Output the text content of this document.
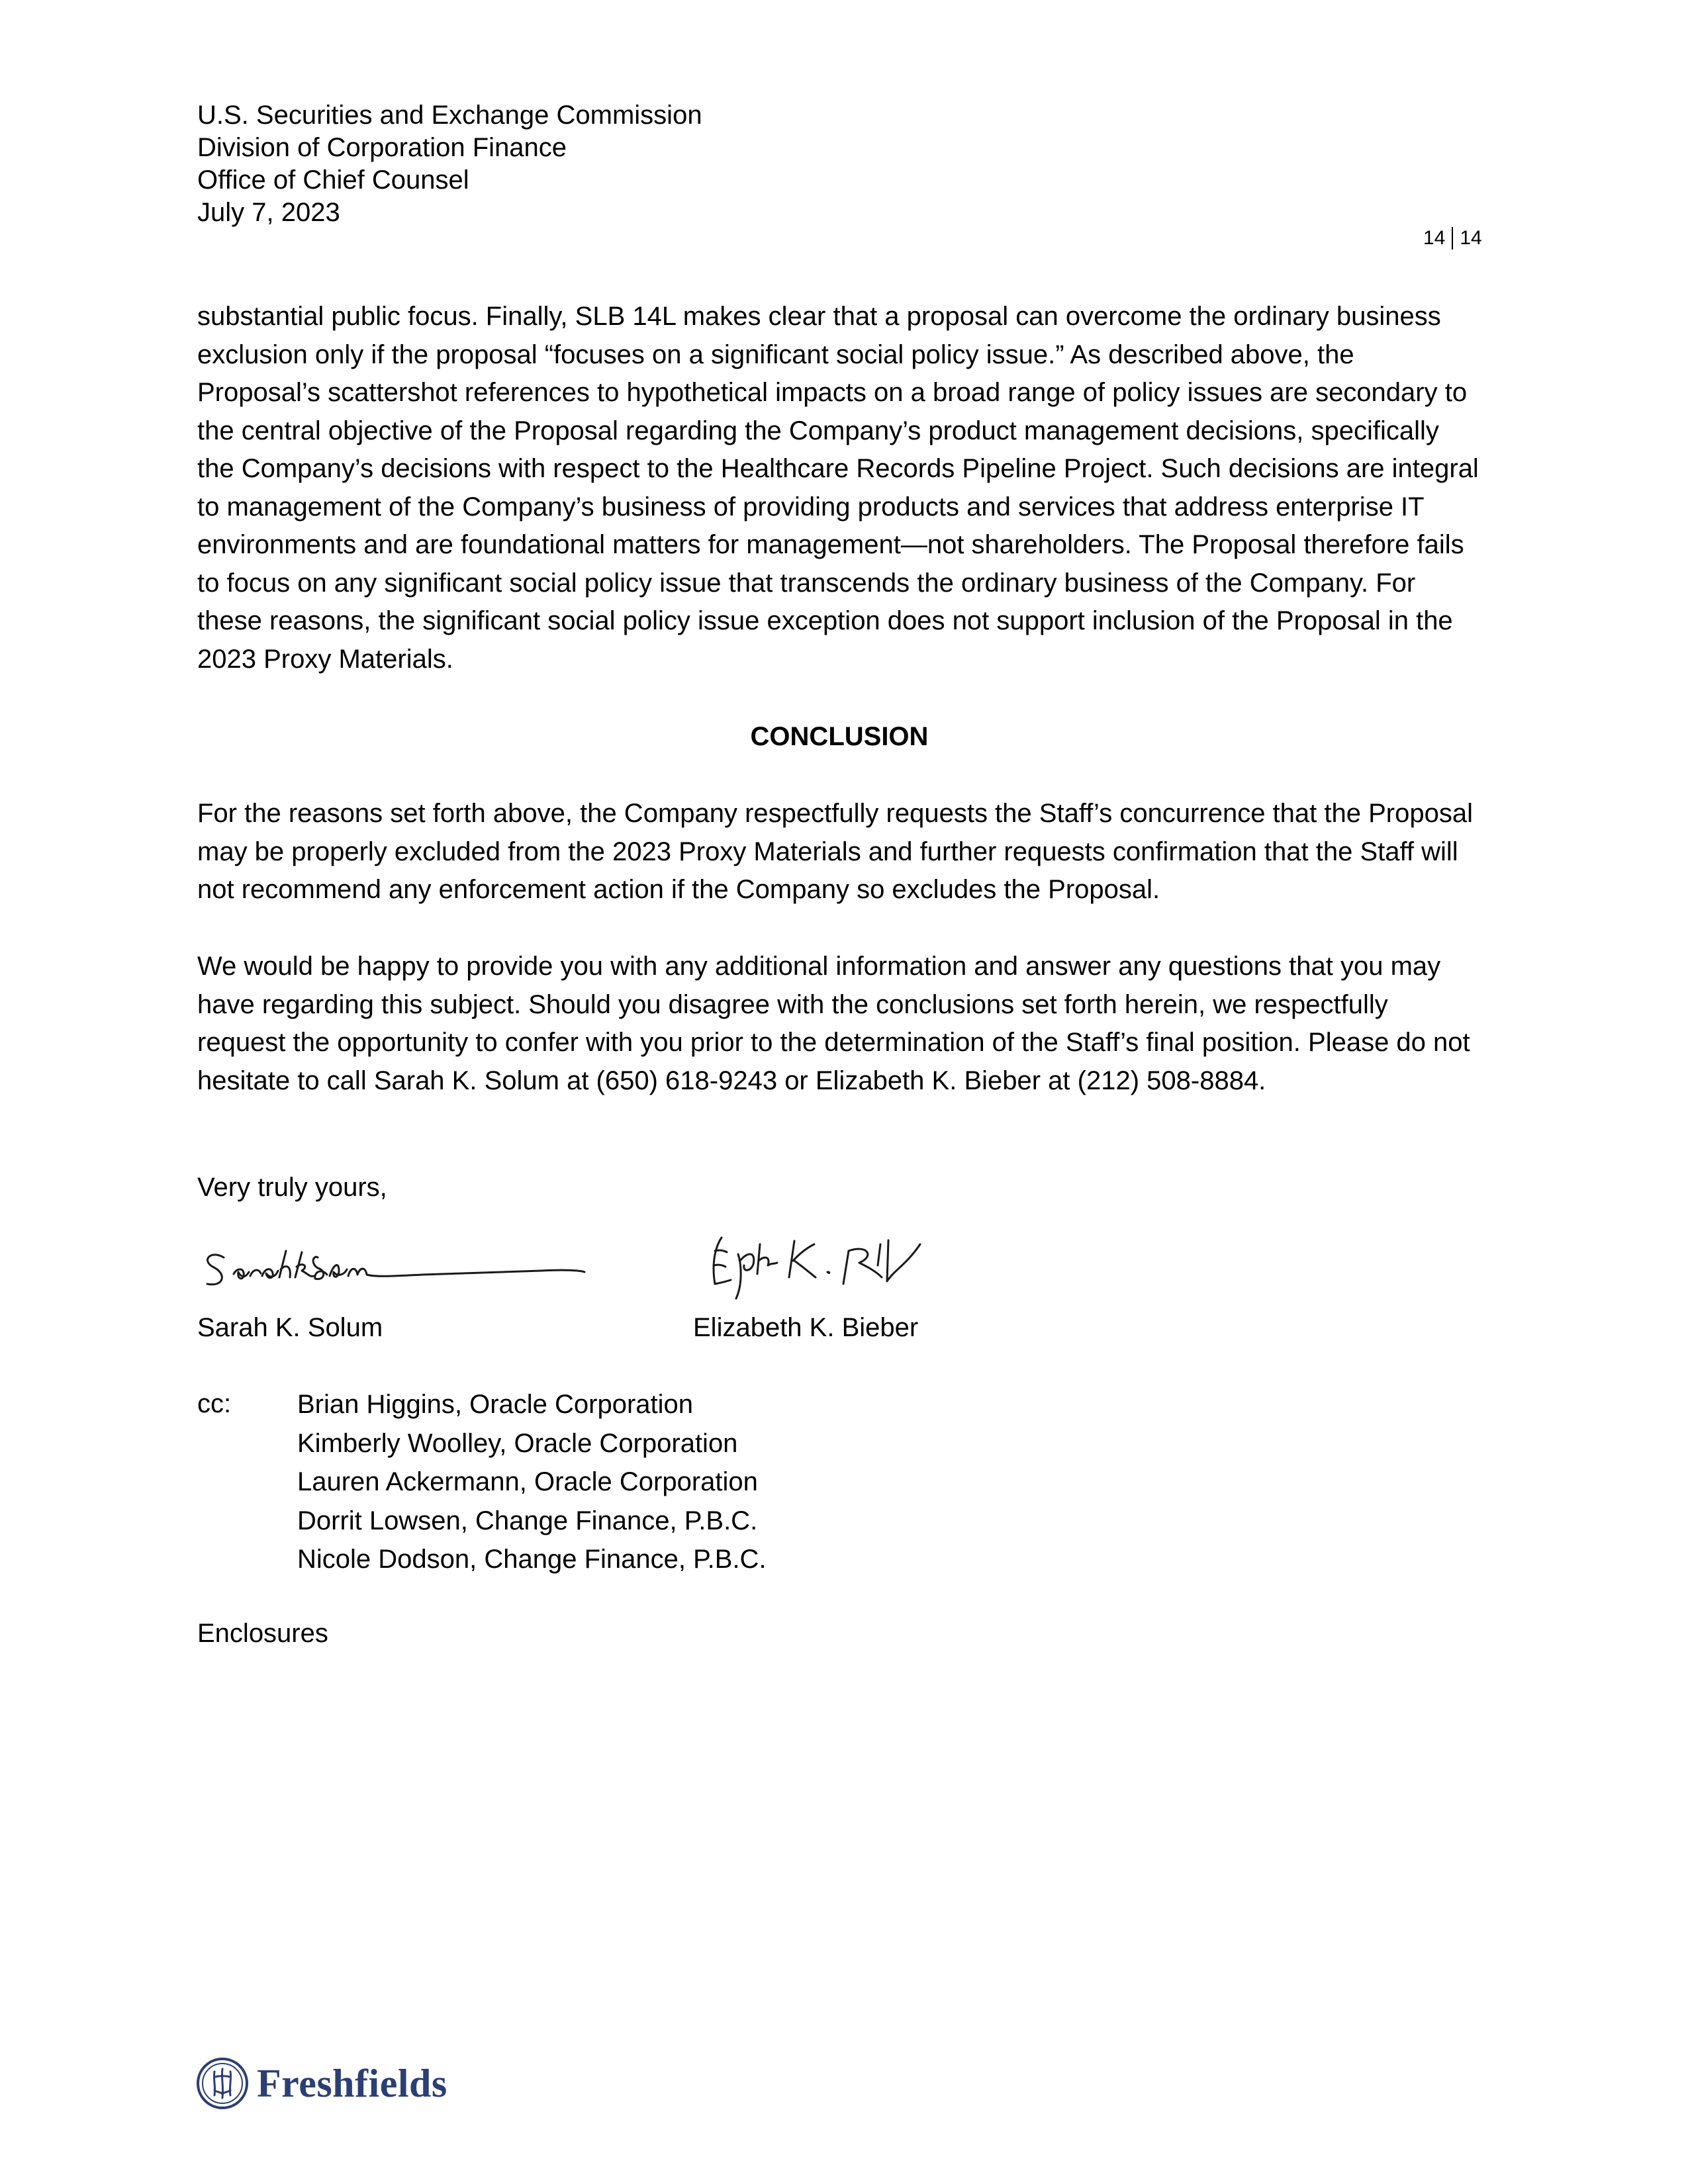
U.S. Securities and Exchange Commission
Division of Corporation Finance
Office of Chief Counsel
July 7, 2023
14 14

substantial public focus. Finally, SLB 14L makes clear that a proposal can overcome the ordinary business exclusion only if the proposal “focuses on a significant social policy issue.” As described above, the Proposal’s scattershot references to hypothetical impacts on a broad range of policy issues are secondary to the central objective of the Proposal regarding the Company’s product management decisions, specifically the Company’s decisions with respect to the Healthcare Records Pipeline Project. Such decisions are integral to management of the Company’s business of providing products and services that address enterprise IT environments and are foundational matters for management—not shareholders. The Proposal therefore fails to focus on any significant social policy issue that transcends the ordinary business of the Company. For these reasons, the significant social policy issue exception does not support inclusion of the Proposal in the 2023 Proxy Materials.

CONCLUSION

For the reasons set forth above, the Company respectfully requests the Staff’s concurrence that the Proposal may be properly excluded from the 2023 Proxy Materials and further requests confirmation that the Staff will not recommend any enforcement action if the Company so excludes the Proposal.

We would be happy to provide you with any additional information and answer any questions that you may have regarding this subject. Should you disagree with the conclusions set forth herein, we respectfully request the opportunity to confer with you prior to the determination of the Staff’s final position. Please do not hesitate to call Sarah K. Solum at (650) 618-9243 or Elizabeth K. Bieber at (212) 508-8884.

Very truly yours,

Sarah K. Solum	Elizabeth K. Bieber
cc: Brian Higgins, Oracle Corporation
Kimberly Woolley, Oracle Corporation
Lauren Ackermann, Oracle Corporation
Dorrit Lowsen, Change Finance, P.B.C.
Nicole Dodson, Change Finance, P.B.C.
Enclosures
Freshfields
